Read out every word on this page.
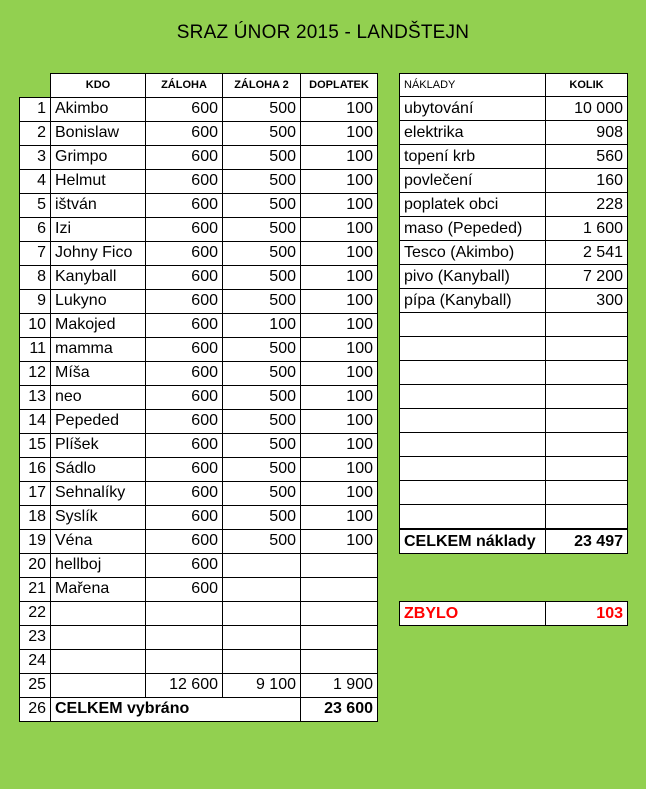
SRAZ ÚNOR 2015 - LANDŠTEJN
	KDO	ZÁLOHA	ZÁLOHA 2	DOPLATEK
1	Akimbo	600	500	100
2	Bonislaw	600	500	100
3	Grimpo	600	500	100
4	Helmut	600	500	100
5	ištván	600	500	100
6	Izi	600	500	100
7	Johny Fico	600	500	100
8	Kanyball	600	500	100
9	Lukyno	600	500	100
10	Makojed	600	100	100
11	mamma	600	500	100
12	Míša	600	500	100
13	neo	600	500	100
14	Pepeded	600	500	100
15	Plíšek	600	500	100
16	Sádlo	600	500	100
17	Sehnalíky	600	500	100
18	Syslík	600	500	100
19	Véna	600	500	100
20	hellboj	600		
21	Mařena	600		
22				
23				
24				
25		12 600	9 100	1 900
26	CELKEM vybráno			23 600
NÁKLADY	KOLIK
ubytování	10 000
elektrika	908
topení krb	560
povlečení	160
poplatek obci	228
maso (Pepeded)	1 600
Tesco (Akimbo)	2 541
pivo (Kanyball)	7 200
pípa (Kanyball)	300

CELKEM náklady	23 497
ZBYLO	103
